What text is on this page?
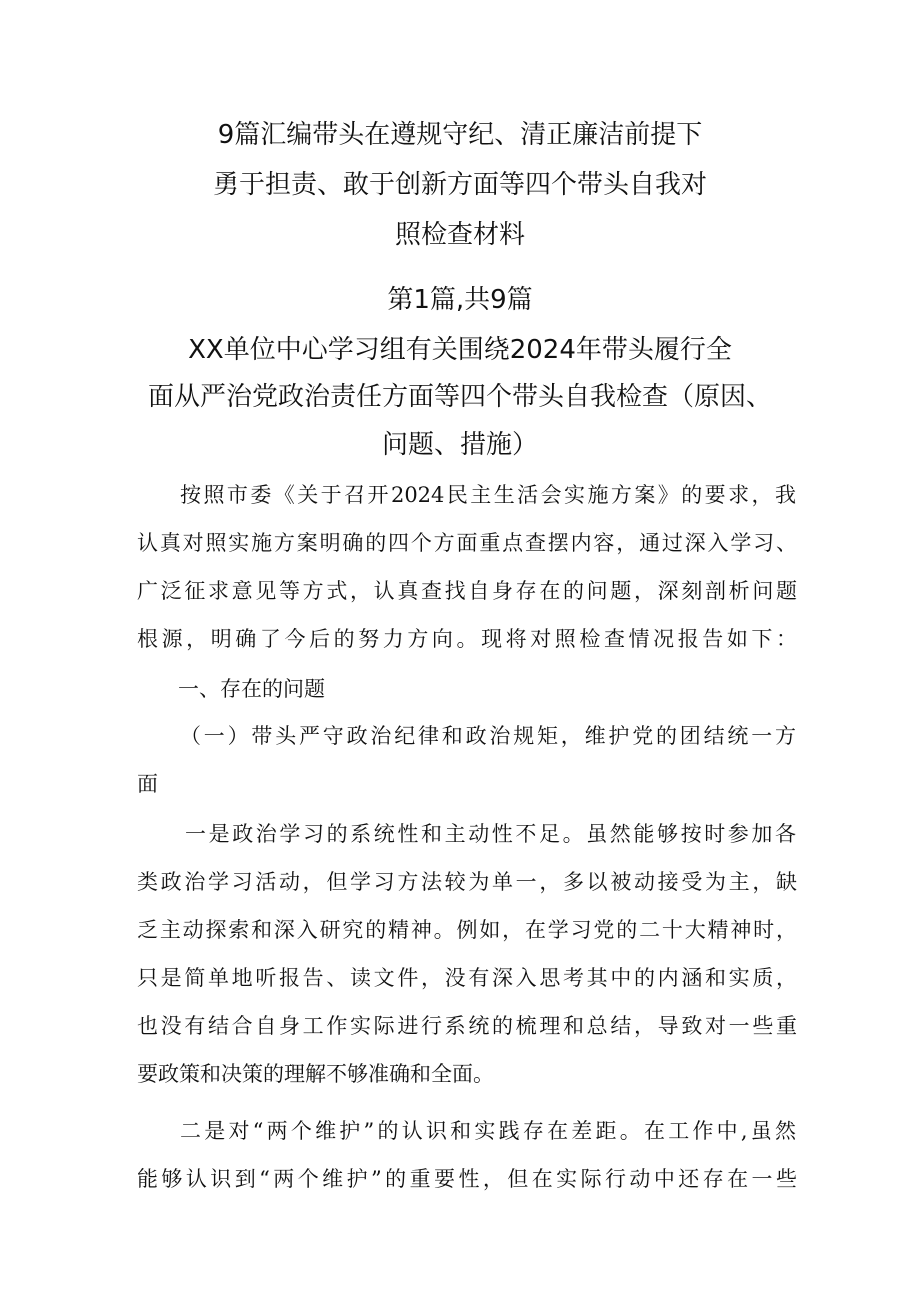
9篇汇编带头在遵规守纪、清正廉洁前提下
勇于担责、敢于创新方面等四个带头自我对
照检查材料
第1篇,共9篇
XX单位中心学习组有关围绕2024年带头履行全
面从严治党政治责任方面等四个带头自我检查（原因、
问题、措施）
按照市委《关于召开2024民主生活会实施方案》的要求，我
认真对照实施方案明确的四个方面重点查摆内容，通过深入学习、
广泛征求意见等方式，认真查找自身存在的问题，深刻剖析问题
根源，明确了今后的努力方向。现将对照检查情况报告如下：
一、存在的问题
（一）带头严守政治纪律和政治规矩，维护党的团结统一方
面
一是政治学习的系统性和主动性不足。虽然能够按时参加各
类政治学习活动，但学习方法较为单一，多以被动接受为主，缺
乏主动探索和深入研究的精神。例如，在学习党的二十大精神时，
只是简单地听报告、读文件，没有深入思考其中的内涵和实质，
也没有结合自身工作实际进行系统的梳理和总结，导致对一些重
要政策和决策的理解不够准确和全面。
二是对“两个维护”的认识和实践存在差距。在工作中,虽然
能够认识到“两个维护”的重要性，但在实际行动中还存在一些
